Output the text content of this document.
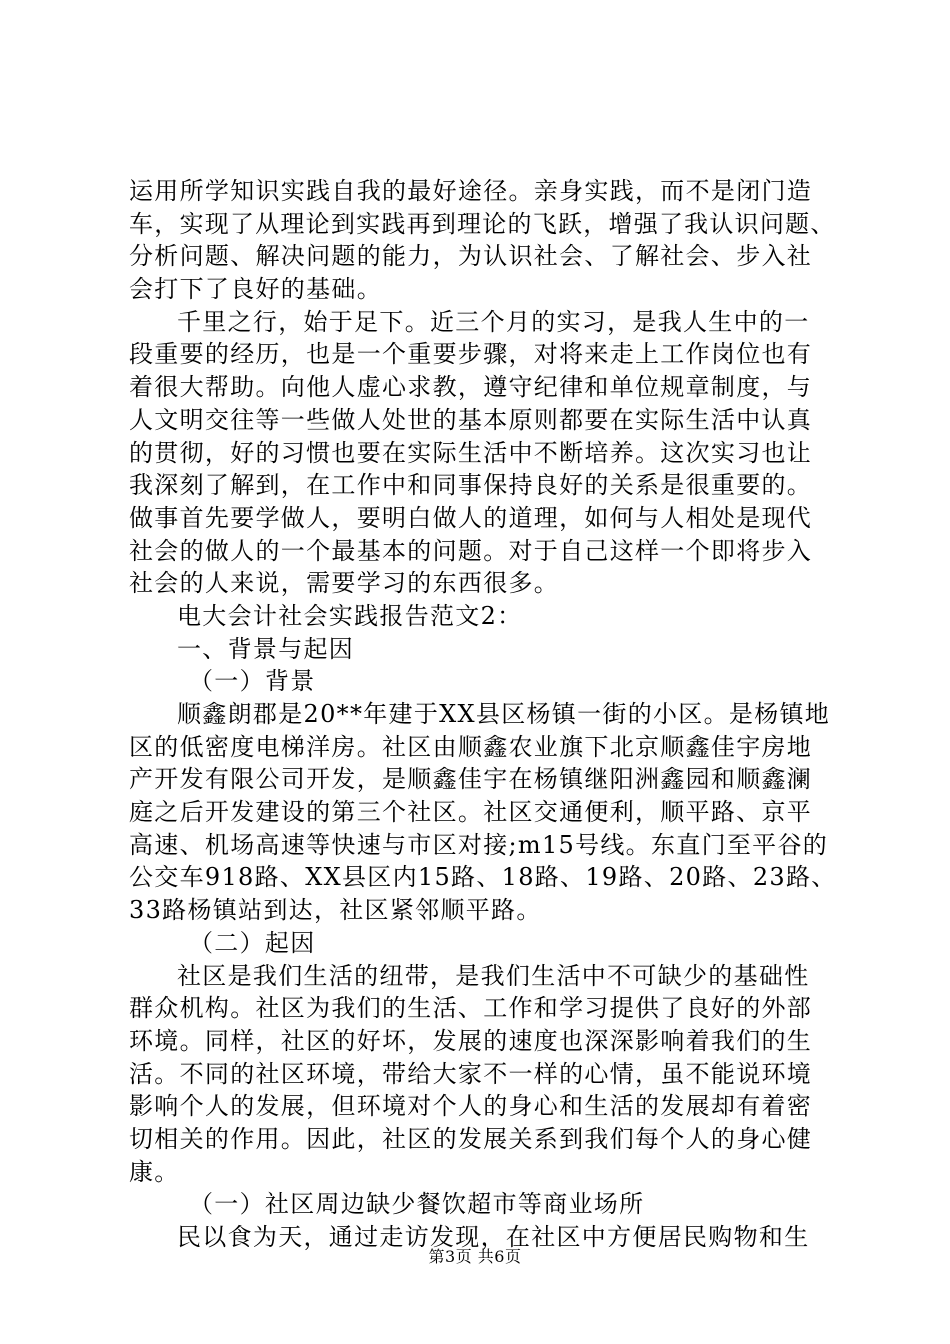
运用所学知识实践自我的最好途径。亲身实践，而不是闭门造
车，实现了从理论到实践再到理论的飞跃，增强了我认识问题、
分析问题、解决问题的能力，为认识社会、了解社会、步入社
会打下了良好的基础。
千里之行，始于足下。近三个月的实习，是我人生中的一
段重要的经历，也是一个重要步骤，对将来走上工作岗位也有
着很大帮助。向他人虚心求教，遵守纪律和单位规章制度，与
人文明交往等一些做人处世的基本原则都要在实际生活中认真
的贯彻，好的习惯也要在实际生活中不断培养。这次实习也让
我深刻了解到，在工作中和同事保持良好的关系是很重要的。
做事首先要学做人，要明白做人的道理，如何与人相处是现代
社会的做人的一个最基本的问题。对于自己这样一个即将步入
社会的人来说，需要学习的东西很多。
电大会计社会实践报告范文2：
一、背景与起因
（一）背景
顺鑫朗郡是20**年建于XX县区杨镇一街的小区。是杨镇地
区的低密度电梯洋房。社区由顺鑫农业旗下北京顺鑫佳宇房地
产开发有限公司开发，是顺鑫佳宇在杨镇继阳洲鑫园和顺鑫澜
庭之后开发建设的第三个社区。社区交通便利，顺平路、京平
高速、机场高速等快速与市区对接;m15号线。东直门至平谷的
公交车918路、XX县区内15路、18路、19路、20路、23路、
33路杨镇站到达，社区紧邻顺平路。
（二）起因
社区是我们生活的纽带，是我们生活中不可缺少的基础性
群众机构。社区为我们的生活、工作和学习提供了良好的外部
环境。同样，社区的好坏，发展的速度也深深影响着我们的生
活。不同的社区环境，带给大家不一样的心情，虽不能说环境
影响个人的发展，但环境对个人的身心和生活的发展却有着密
切相关的作用。因此，社区的发展关系到我们每个人的身心健
康。
（一）社区周边缺少餐饮超市等商业场所
民以食为天，通过走访发现，在社区中方便居民购物和生
第3页 共6页
